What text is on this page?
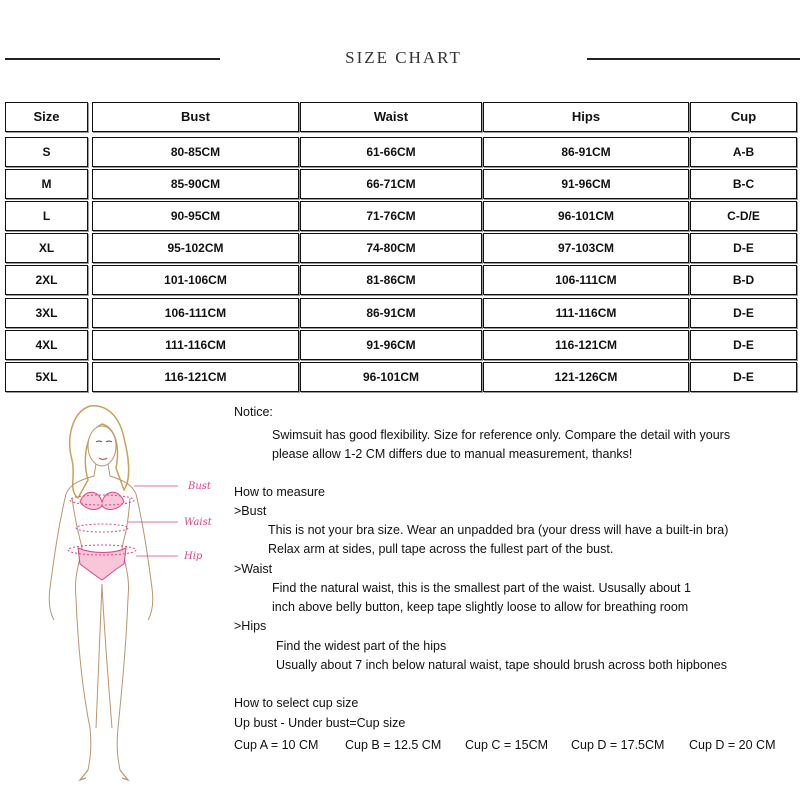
SIZE CHART
Size	Bust	Waist	Hips	Cup
S	80-85CM	61-66CM	86-91CM	A-B
M	85-90CM	66-71CM	91-96CM	B-C
L	90-95CM	71-76CM	96-101CM	C-D/E
XL	95-102CM	74-80CM	97-103CM	D-E
2XL	101-106CM	81-86CM	106-111CM	B-D
3XL	106-111CM	86-91CM	111-116CM	D-E
4XL	111-116CM	91-96CM	116-121CM	D-E
5XL	116-121CM	96-101CM	121-126CM	D-E
Bust
Waist
Hip
Notice:
Swimsuit has good flexibility. Size for reference only. Compare the detail with yours
please allow 1-2 CM differs due to manual measurement, thanks!
How to measure
>Bust
This is not your bra size. Wear an unpadded bra (your dress will have a built-in bra)
Relax arm at sides, pull tape across the fullest part of the bust.
>Waist
Find the natural waist, this is the smallest part of the waist. Ususally about 1
inch above belly button, keep tape slightly loose to allow for breathing room
>Hips
Find the widest part of the hips
Usually about 7 inch below natural waist, tape should brush across both hipbones
How to select cup size
Up bust - Under bust=Cup size
Cup A = 10 CM Cup B = 12.5 CM Cup C = 15CM Cup D = 17.5CM Cup D = 20 CM
